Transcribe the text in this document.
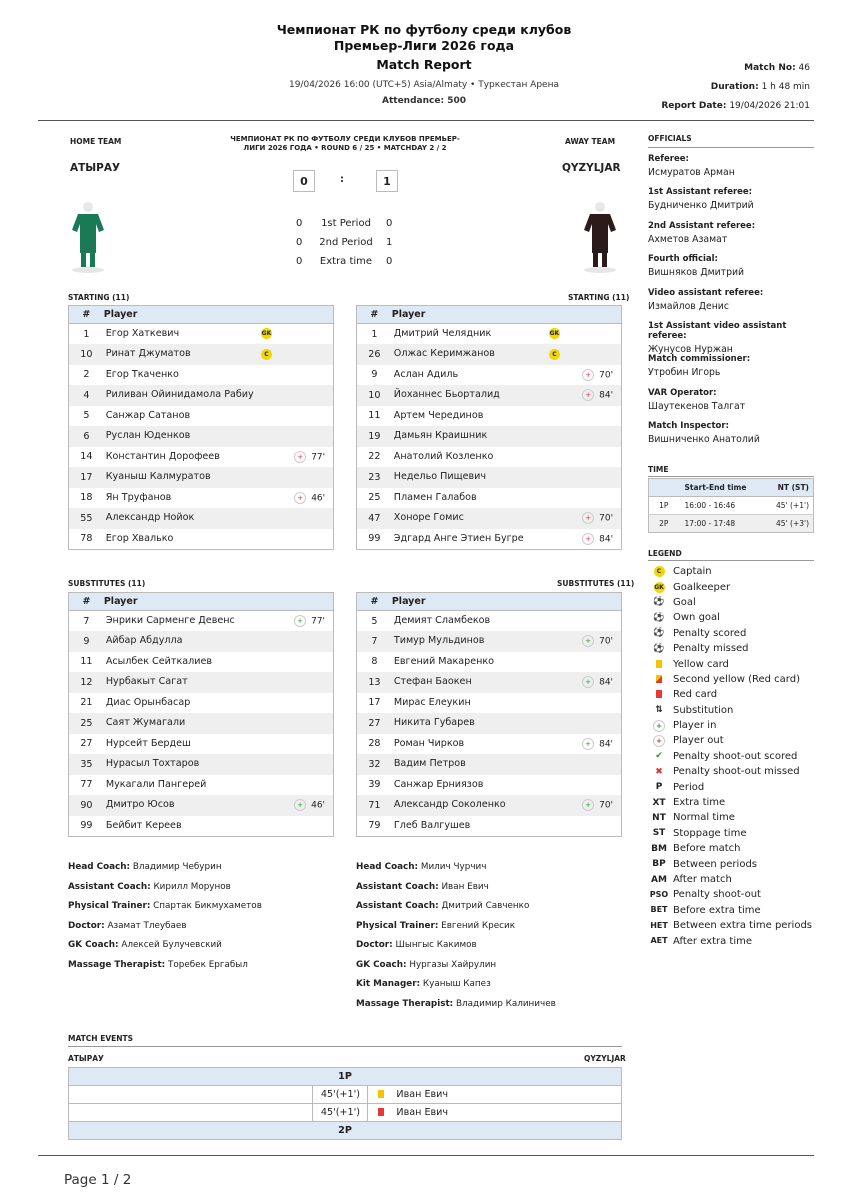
Чемпионат РК по футболу среди клубов
Премьер-Лиги 2026 года
Match Report
19/04/2026 16:00 (UTC+5) Asia/Almaty • Туркестан Арена
Attendance: 500
Match No: 46
Duration: 1 h 48 min
Report Date: 19/04/2026 21:01
HOME TEAM	AWAY TEAM
ЧЕМПИОНАТ РК ПО ФУТБОЛУ СРЕДИ КЛУБОВ ПРЕМЬЕР-ЛИГИ 2026 ГОДА • ROUND 6 / 25 • MATCHDAY 2 / 2
АТЫРАУ	QYZYLJAR
0	:	1
0	1st Period	0
0	2nd Period	1
0	Extra time	0
STARTING (11)	STARTING (11)
#	Player		
1	Егор Хаткевич	GK	
10	Ринат Джуматов	C	
2	Егор Ткаченко		
4	Риливан Ойинидамола Рабиу		
5	Санжар Сатанов		
6	Руслан Юденков		
14	Константин Дорофеев		+ 77'
17	Куаныш Калмуратов		
18	Ян Труфанов		+ 46'
55	Александр Нойок		
78	Егор Хвалько		
#	Player		
1	Дмитрий Челядник	GK	
26	Олжас Керимжанов	C	
9	Аслан Адиль		+ 70'
10	Йоханнес Бьорталид		+ 84'
11	Артем Черединов		
19	Дамьян Краишник		
22	Анатолий Козленко		
23	Недельо Пищевич		
25	Пламен Галабов		
47	Хоноре Гомис		+ 70'
99	Эдгард Анге Этиен Бугре		+ 84'
SUBSTITUTES (11)	SUBSTITUTES (11)
#	Player		
7	Энрики Сарменге Девенс		+ 77'
9	Айбар Абдулла		
11	Асылбек Сейткалиев		
12	Нурбакыт Сагат		
21	Диас Орынбасар		
25	Саят Жумагали		
27	Нурсейт Бердеш		
35	Нурасыл Тохтаров		
77	Мукагали Пангерей		
90	Дмитро Юсов		+ 46'
99	Бейбит Кереев		
#	Player		
5	Демият Сламбеков		
7	Тимур Мульдинов		+ 70'
8	Евгений Макаренко		
13	Стефан Баокен		+ 84'
17	Мирас Елеукин		
27	Никита Губарев		
28	Роман Чирков		+ 84'
32	Вадим Петров		
39	Санжар Ерниязов		
71	Александр Соколенко		+ 70'
79	Глеб Валгушев		
Head Coach: Владимир Чебурин
Assistant Coach: Кирилл Морунов
Physical Trainer: Спартак Бикмухаметов
Doctor: Азамат Тлеубаев
GK Coach: Алексей Булучевский
Massage Therapist: Торебек Ергабыл
Head Coach: Милич Чурчич
Assistant Coach: Иван Евич
Assistant Coach: Дмитрий Савченко
Physical Trainer: Евгений Кресик
Doctor: Шынгыс Какимов
GK Coach: Нургазы Хайрулин
Kit Manager: Куаныш Капез
Massage Therapist: Владимир Калиничев
OFFICIALS
Referee:
Исмуратов Арман
1st Assistant referee:
Будниченко Дмитрий
2nd Assistant referee:
Ахметов Азамат
Fourth official:
Вишняков Дмитрий
Video assistant referee:
Измайлов Денис
1st Assistant video assistant referee:
Жунусов Нуржан
Match commissioner:
Утробин Игорь
VAR Operator:
Шаутекенов Талгат
Match Inspector:
Вишниченко Анатолий
TIME
	Start-End time	NT (ST)
1P	16:00 - 16:46	45' (+1')
2P	17:00 - 17:48	45' (+3')
LEGEND
C	Captain
GK Goalkeeper
⚽ Goal
⚽ Own goal
⚽ Penalty scored
⚽ Penalty missed
Yellow card
Second yellow (Red card)
Red card
⇅	Substitution
+	Player in
+	Player out
✔	Penalty shoot-out scored
✖	Penalty shoot-out missed
P	Period
XT Extra time
NT Normal time
ST Stoppage time
BM Before match
BP Between periods
AM After match
PSO Penalty shoot-out
BET Before extra time
HET Between extra time periods
AET After extra time
MATCH EVENTS
АТЫРАУ	QYZYLJAR
1P		
	45'(+1')	Иван Евич
	45'(+1')	Иван Евич
2P		
Page 1 / 2
